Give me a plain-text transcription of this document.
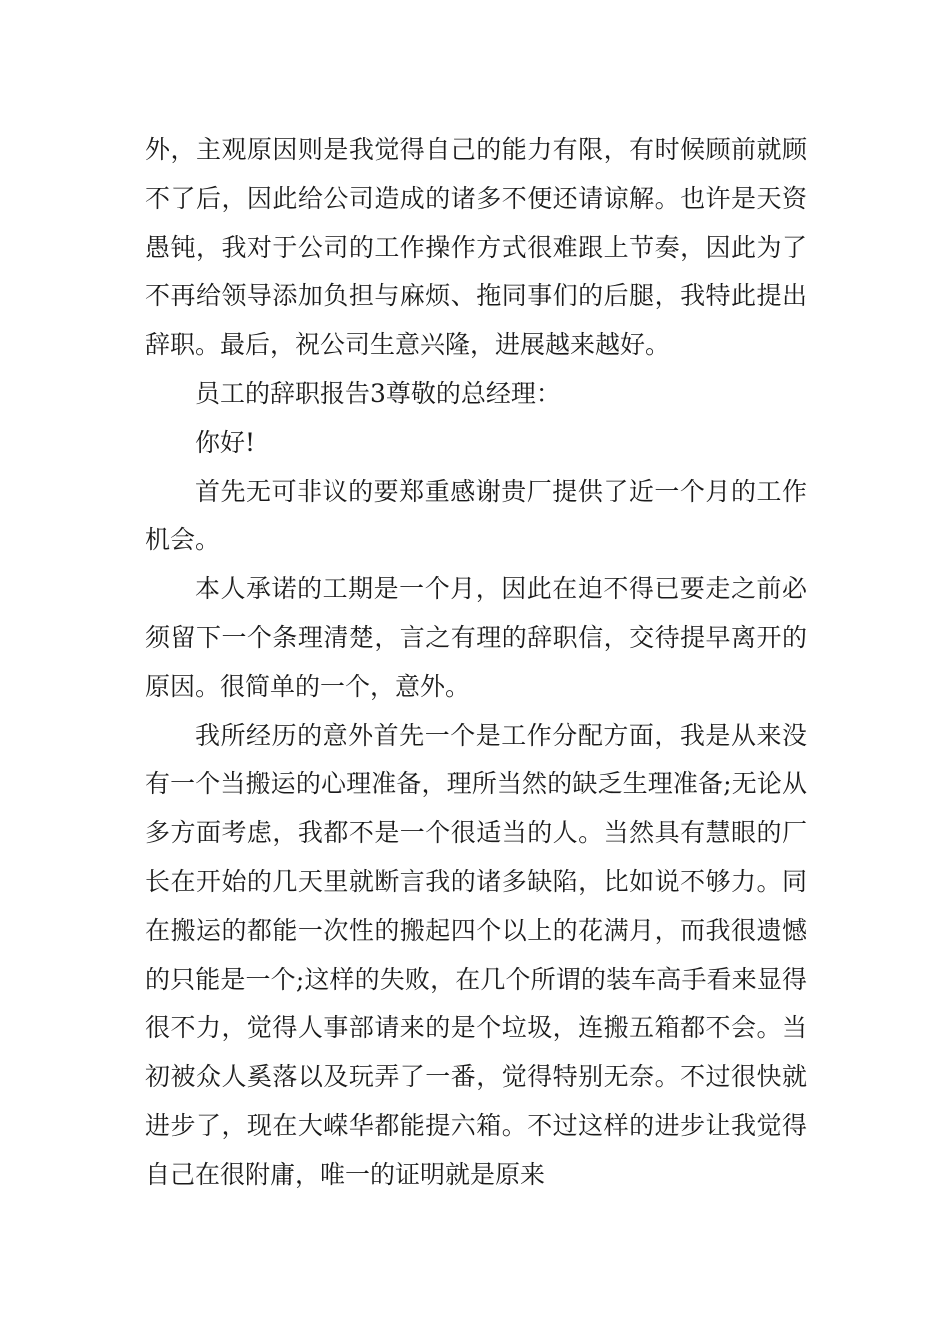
外，主观原因则是我觉得自己的能力有限，有时候顾前就顾不了后，因此给公司造成的诸多不便还请谅解。也许是天资愚钝，我对于公司的工作操作方式很难跟上节奏，因此为了不再给领导添加负担与麻烦、拖同事们的后腿，我特此提出辞职。最后，祝公司生意兴隆，进展越来越好。

员工的辞职报告3尊敬的总经理：

你好!

首先无可非议的要郑重感谢贵厂提供了近一个月的工作机会。

本人承诺的工期是一个月，因此在迫不得已要走之前必须留下一个条理清楚，言之有理的辞职信，交待提早离开的原因。很简单的一个，意外。

我所经历的意外首先一个是工作分配方面，我是从来没有一个当搬运的心理准备，理所当然的缺乏生理准备;无论从多方面考虑，我都不是一个很适当的人。当然具有慧眼的厂长在开始的几天里就断言我的诸多缺陷，比如说不够力。同在搬运的都能一次性的搬起四个以上的花满月，而我很遗憾的只能是一个;这样的失败，在几个所谓的装车高手看来显得很不力，觉得人事部请来的是个垃圾，连搬五箱都不会。当初被众人奚落以及玩弄了一番，觉得特别无奈。不过很快就进步了，现在大嵘华都能提六箱。不过这样的进步让我觉得自己在很附庸，唯一的证明就是原来
